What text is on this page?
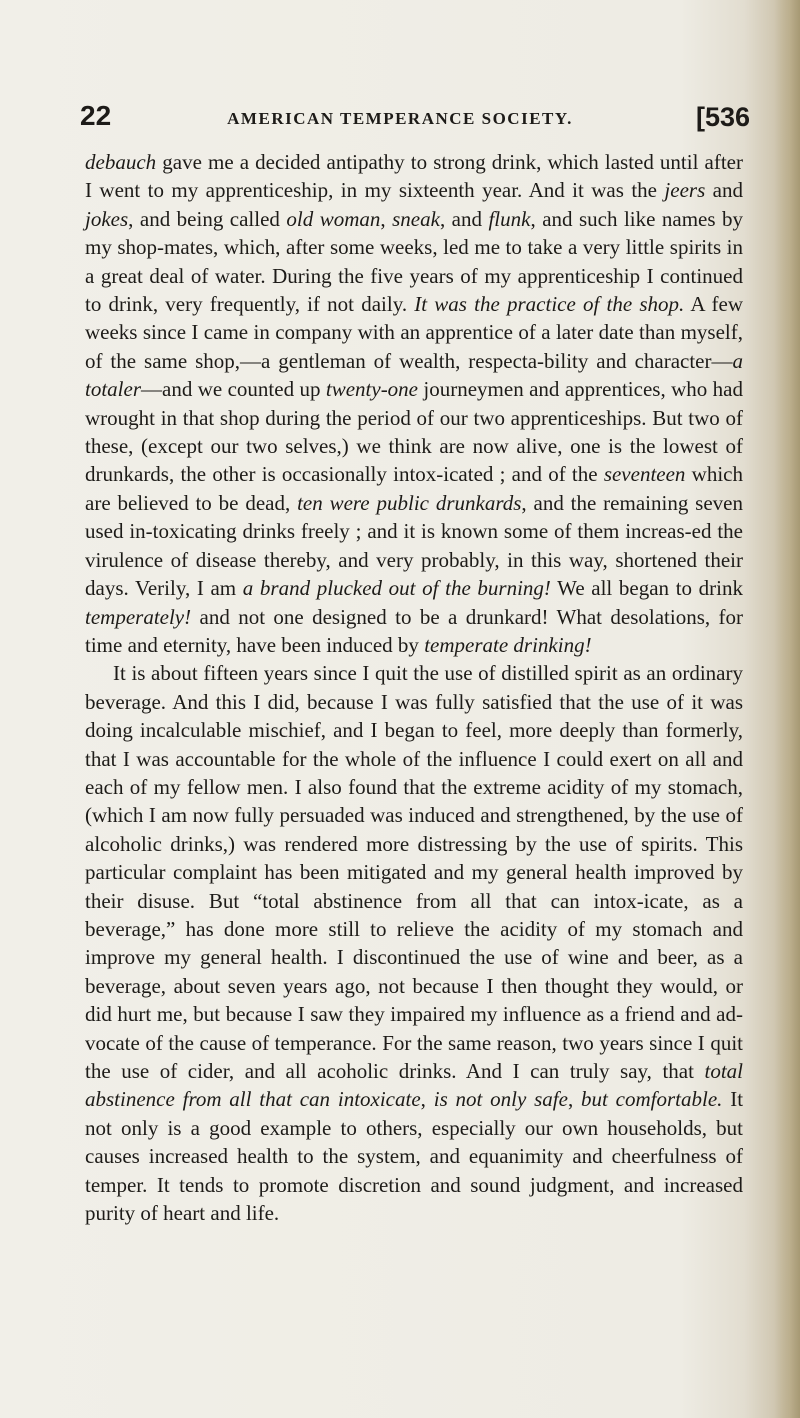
22	AMERICAN TEMPERANCE SOCIETY.	[536

debauch gave me a decided antipathy to strong drink, which lasted until after I went to my apprenticeship, in my sixteenth year. And it was the jeers and jokes, and being called old woman, sneak, and flunk, and such like names by my shop-mates, which, after some weeks, led me to take a very little spirits in a great deal of water. During the five years of my apprenticeship I continued to drink, very frequently, if not daily. It was the practice of the shop. A few weeks since I came in company with an apprentice of a later date than myself, of the same shop,—a gentleman of wealth, respecta-bility and character—a totaler—and we counted up twenty-one journeymen and apprentices, who had wrought in that shop during the period of our two apprenticeships. But two of these, (except our two selves,) we think are now alive, one is the lowest of drunkards, the other is occasionally intox-icated ; and of the seventeen which are believed to be dead, ten were public drunkards, and the remaining seven used in-toxicating drinks freely ; and it is known some of them increas-ed the virulence of disease thereby, and very probably, in this way, shortened their days. Verily, I am a brand plucked out of the burning! We all began to drink temperately! and not one designed to be a drunkard! What desolations, for time and eternity, have been induced by temperate drinking!

It is about fifteen years since I quit the use of distilled spirit as an ordinary beverage. And this I did, because I was fully satisfied that the use of it was doing incalculable mischief, and I began to feel, more deeply than formerly, that I was accountable for the whole of the influence I could exert on all and each of my fellow men. I also found that the extreme acidity of my stomach, (which I am now fully persuaded was induced and strengthened, by the use of alcoholic drinks,) was rendered more distressing by the use of spirits. This particular complaint has been mitigated and my general health improved by their disuse. But “total abstinence from all that can intox-icate, as a beverage,” has done more still to relieve the acidity of my stomach and improve my general health. I discontinued the use of wine and beer, as a beverage, about seven years ago, not because I then thought they would, or did hurt me, but because I saw they impaired my influence as a friend and ad-vocate of the cause of temperance. For the same reason, two years since I quit the use of cider, and all acoholic drinks. And I can truly say, that total abstinence from all that can intoxicate, is not only safe, but comfortable. It not only is a good example to others, especially our own households, but causes increased health to the system, and equanimity and cheerfulness of temper. It tends to promote discretion and sound judgment, and increased purity of heart and life.
